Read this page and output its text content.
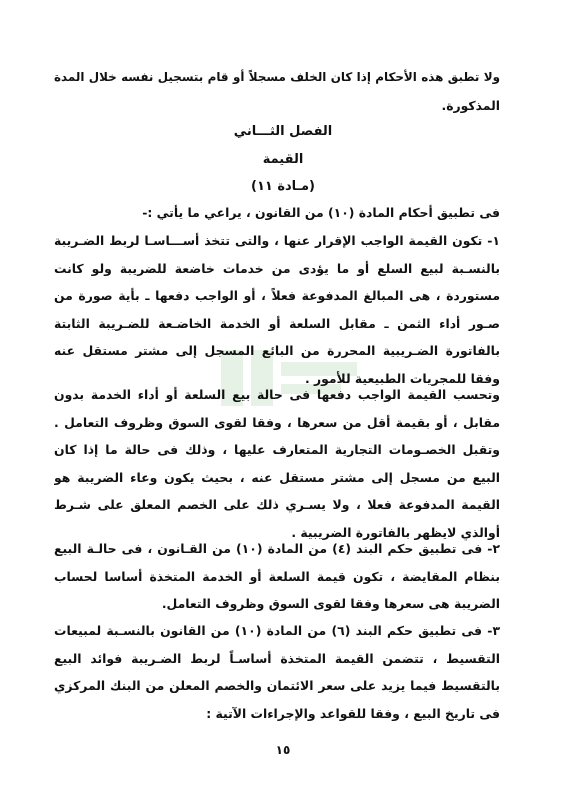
ولا تطبق هذه الأحكام إذا كان الخلف مسجلاً أو قام بتسجيل نفسه خلال المدة
المذكورة.
الفصل الثـــاني
القيمة
(مـادة ١١)
فى تطبيق أحكام المادة (١٠) من القانون ، يراعي ما يأتي :-
١- تكون القيمة الواجب الإقرار عنها ، والتى تتخذ أســـاسـا لربط الضـريبة
بالنسـبة لبيع السلع أو ما يؤدى من خدمات خاضعة للضريبة ولو كانت
مستوردة ، هى المبالغ المدفوعة فعلاً ، أو الواجب دفعها ـ بأية صورة من
صـور أداء الثمن ـ مقابل السلعة أو الخدمة الخاضـعة للضـريبة الثابتة
بالفاتورة الضـريبية المحررة من البائع المسجل إلى مشتر مستقل عنه
وفقا للمجريات الطبيعية للأمور .
وتحسب القيمة الواجب دفعها فى حالة بيع السلعة أو أداء الخدمة بدون
مقابل ، أو بقيمة أقل من سعرها ، وفقا لقوى السوق وظروف التعامل .
وتقبل الخصـومات التجارية المتعارف عليها ، وذلك فى حالة ما إذا كان
البيع من مسجل إلى مشتر مستقل عنه ، بحيث يكون وعاء الضريبة هو
القيمة المدفوعة فعلا ، ولا يسـري ذلك على الخصم المعلق على شـرط
أوالذي لايظهر بالفاتورة الضريبية .
٢- فى تطبيق حكم البند (٤) من المادة (١٠) من القـانون ، فى حالـة البيع
بنظام المقايضة ، تكون قيمة السلعة أو الخدمة المتخذة أساسا لحساب
الضريبة هى سعرها وفقا لقوى السوق وظروف التعامل.
٣- فى تطبيق حكم البند (٦) من المادة (١٠) من القانون بالنسـبة لمبيعات
التقسيط ، تتضمن القيمة المتخذة أساسـاً لربط الضـريبة فوائد البيع
بالتقسيط فيما يزيد على سعر الائتمان والخصم المعلن من البنك المركزي
فى تاريخ البيع ، وفقا للقواعد والإجراءات الآتية :
١٥
